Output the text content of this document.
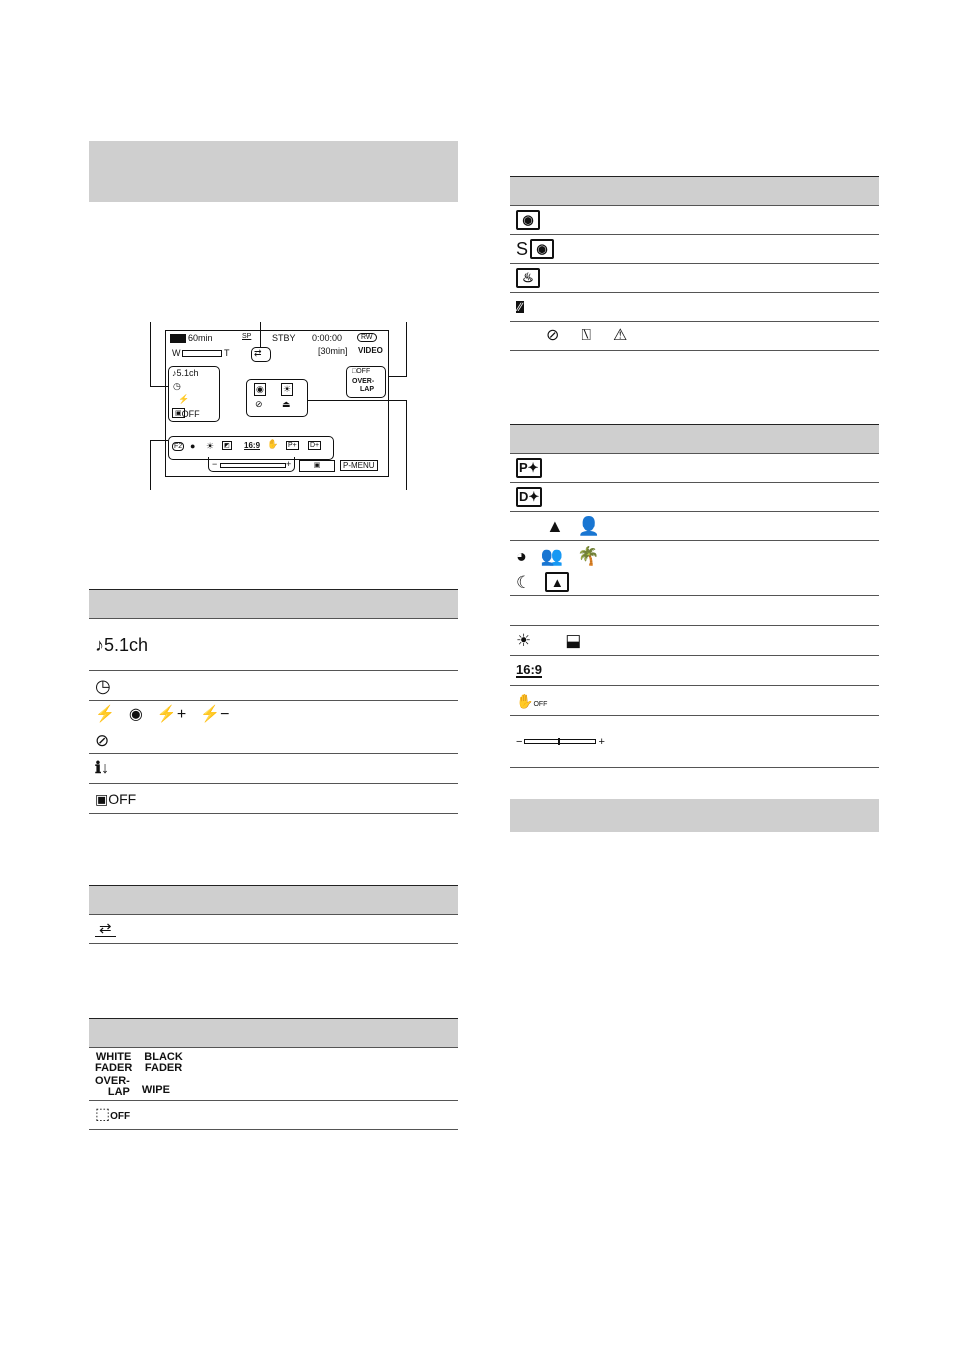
60min	SP STBY 0:00:00	RW
[30min] VIDEO
W	T
♪ 5.1ch
◷
⚡
▣ OFF
⇄
◉ ☀
⊘ ⏏
□OFF
OVER-
LAP
F2 ● ☀	◩ 16:9 ✋ P+ D+
−	+	▣	P-MENU
♪5.1ch
◷
⚡ ◉ ⚡+ ⚡−
⊘
ℹ↓
▣OFF
⇄
WHITE
FADER
BLACK
FADER
OVER-
LAP WIPE
⬚OFF
◉
S ◉
♨
∕∕
⊘ ⍂ ⚠
P✦
D✦
▲ 👤
◕ 👥 🌴
☾	▲
☀ ⬓
16:9
✋OFF
−	+
